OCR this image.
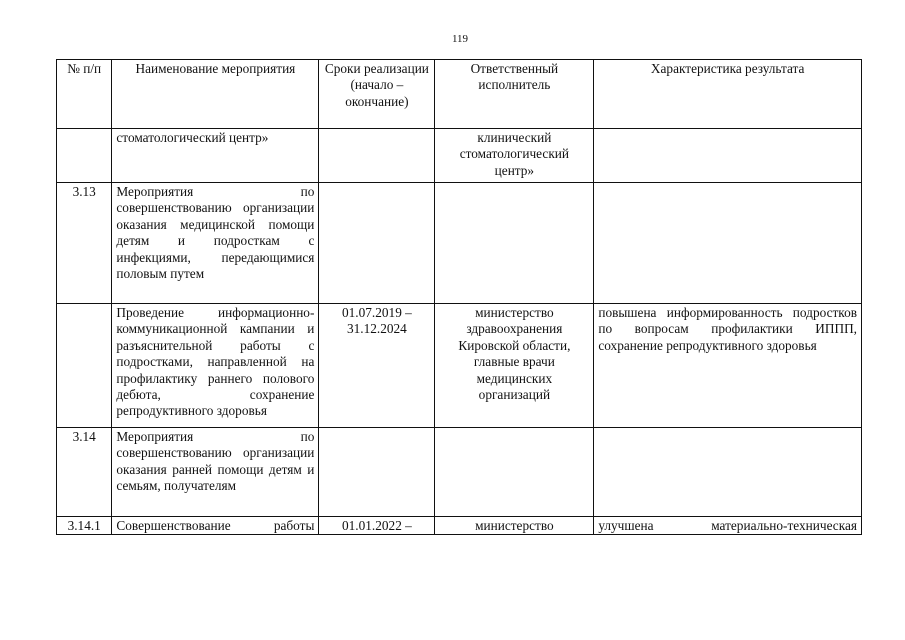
119
№ п/п	Наименование мероприятия	Сроки реализации (начало – окончание)	Ответственный исполнитель	Характеристика результата
	стоматологический центр»		клинический стоматологический центр»	
3.13	Мероприятия по совершенствованию организации оказания медицинской помощи детям и подросткам с инфекциями, передающимися половым путем			
	Проведение информационно-коммуникационной кампании и разъяснительной работы с подростками, направленной на профилактику раннего полового дебюта, сохранение репродуктивного здоровья	01.07.2019 – 31.12.2024	министерство здравоохранения Кировской области, главные врачи медицинских организаций	повышена информированность подростков по вопросам профилактики ИППП, сохранение репродуктивного здоровья
3.14	Мероприятия по совершенствованию организации оказания ранней помощи детям и семьям, получателям			
3.14.1	Совершенствование работы	01.01.2022 –	министерство	улучшена материально-техническая
